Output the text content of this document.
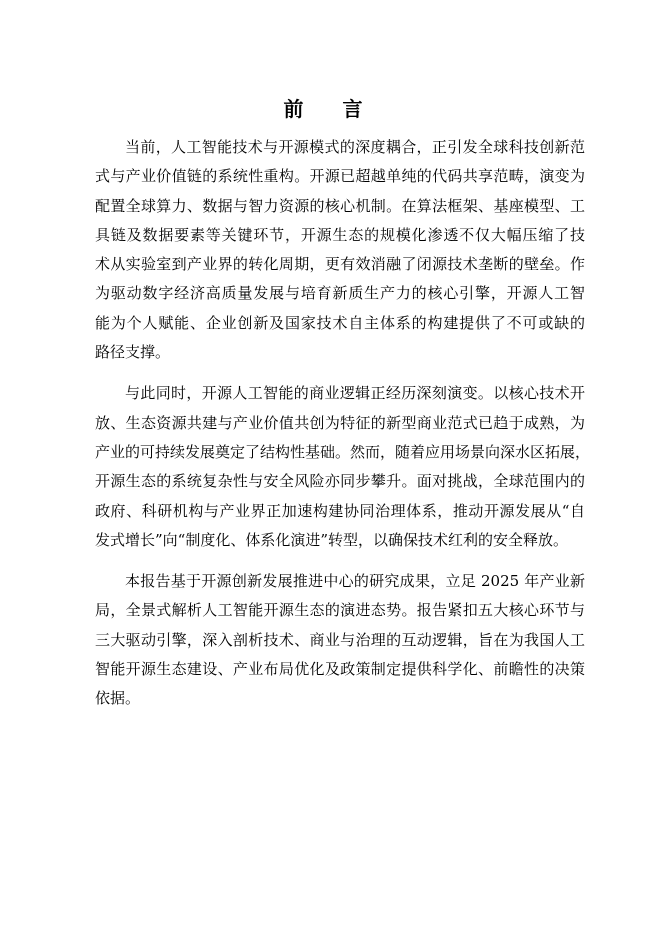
前 言
当前，人工智能技术与开源模式的深度耦合，正引发全球科技创新范
式与产业价值链的系统性重构。开源已超越单纯的代码共享范畴，演变为
配置全球算力、数据与智力资源的核心机制。在算法框架、基座模型、工
具链及数据要素等关键环节，开源生态的规模化渗透不仅大幅压缩了技
术从实验室到产业界的转化周期，更有效消融了闭源技术垄断的壁垒。作
为驱动数字经济高质量发展与培育新质生产力的核心引擎，开源人工智
能为个人赋能、企业创新及国家技术自主体系的构建提供了不可或缺的
路径支撑。
与此同时，开源人工智能的商业逻辑正经历深刻演变。以核心技术开
放、生态资源共建与产业价值共创为特征的新型商业范式已趋于成熟，为
产业的可持续发展奠定了结构性基础。然而，随着应用场景向深水区拓展，
开源生态的系统复杂性与安全风险亦同步攀升。面对挑战，全球范围内的
政府、科研机构与产业界正加速构建协同治理体系，推动开源发展从“自
发式增长”向“制度化、体系化演进”转型，以确保技术红利的安全释放。
本报告基于开源创新发展推进中心的研究成果，立足 2025 年产业新
局，全景式解析人工智能开源生态的演进态势。报告紧扣五大核心环节与
三大驱动引擎，深入剖析技术、商业与治理的互动逻辑，旨在为我国人工
智能开源生态建设、产业布局优化及政策制定提供科学化、前瞻性的决策
依据。
